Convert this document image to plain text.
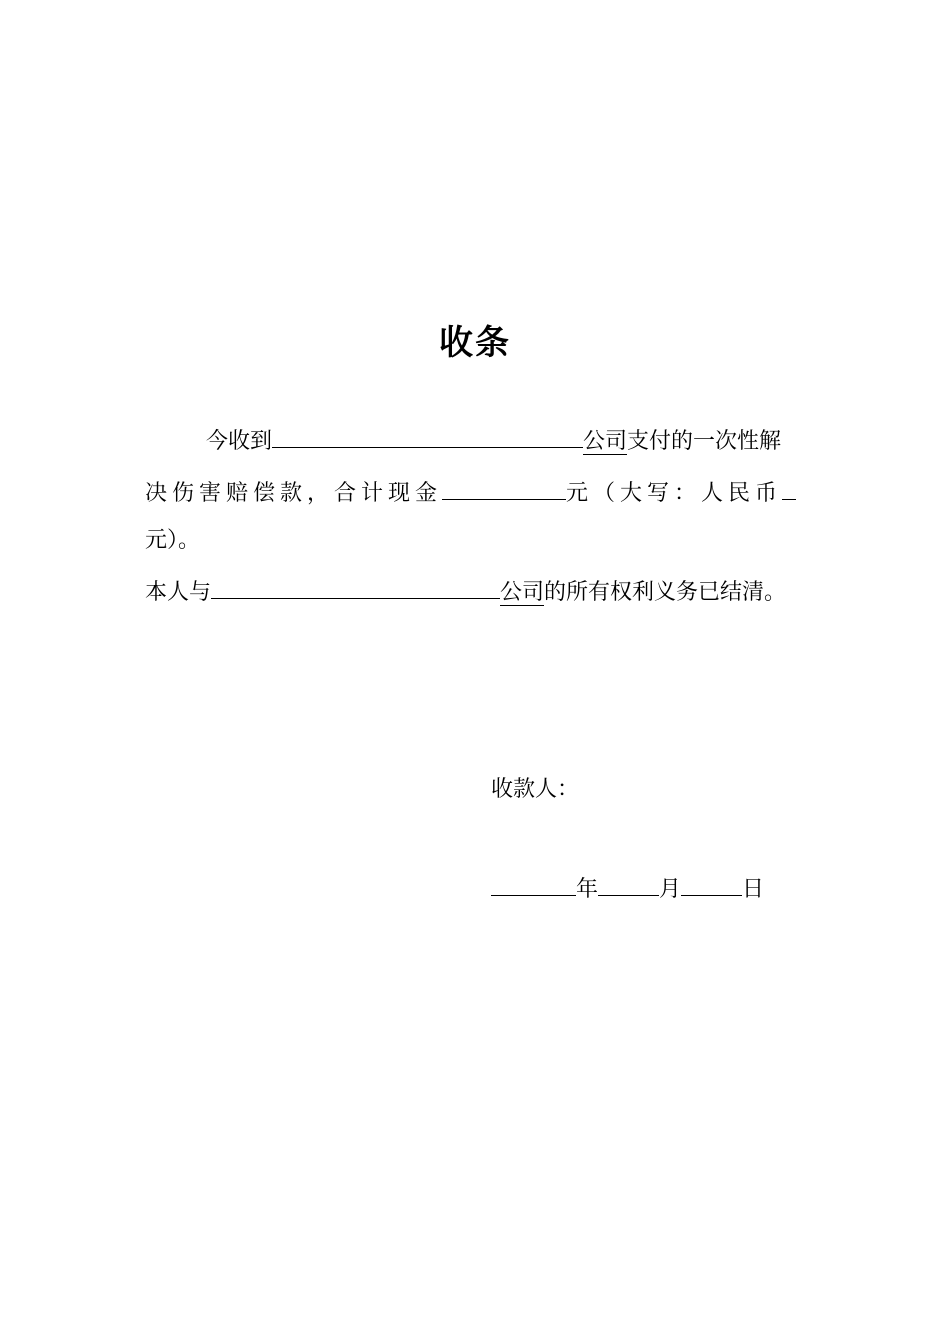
收条
今收到	公司支付的一次性解
决伤害赔偿款，合计现金	元（大写：人民币
元）。
本人与	公司的所有权利义务已结清。
收款人：
年	月	日
